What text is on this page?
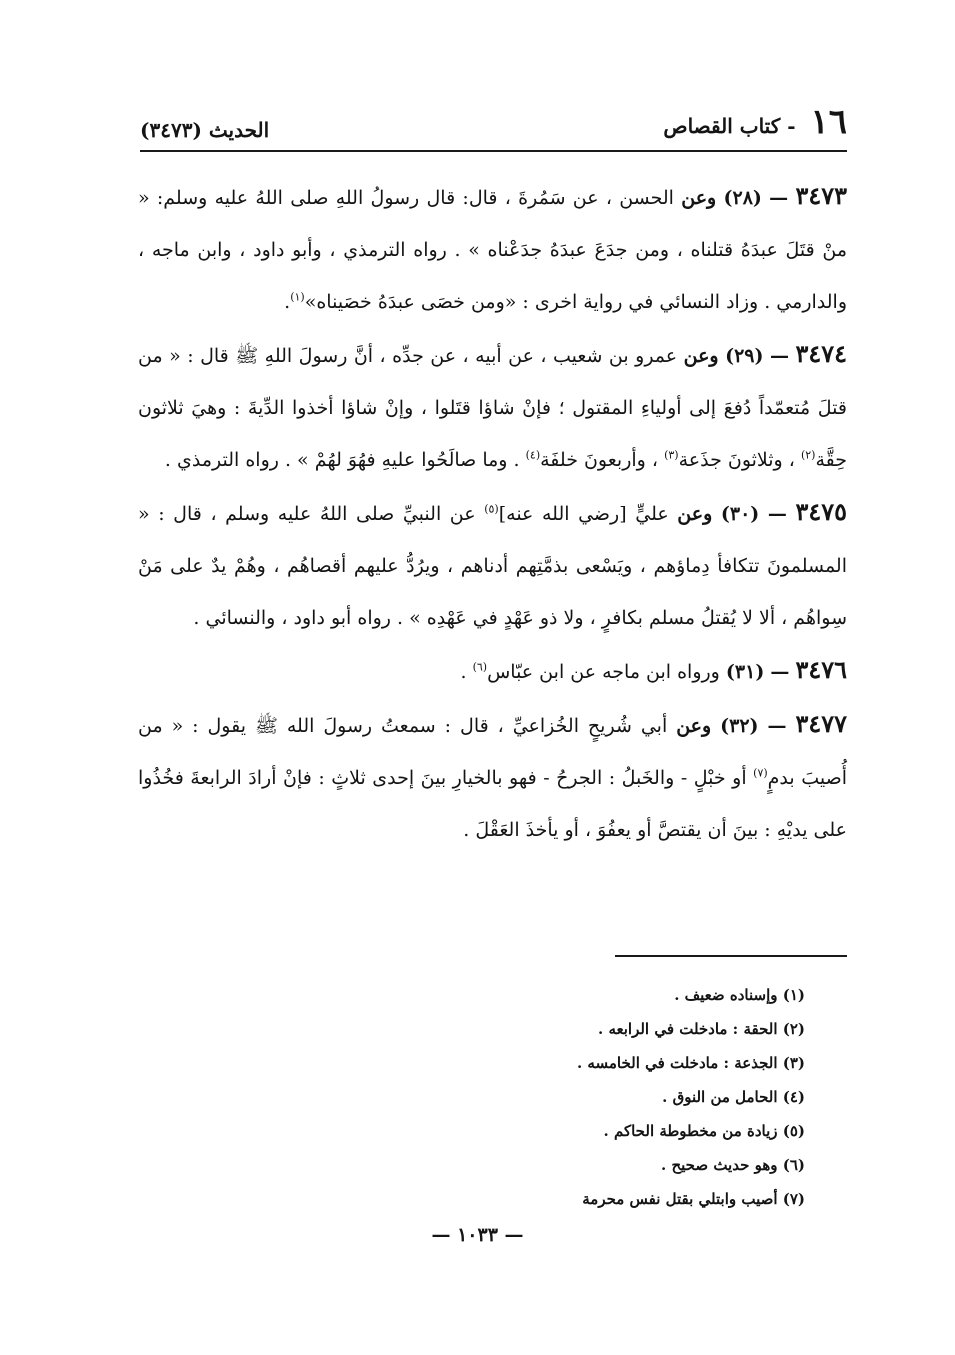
١٦ - كتاب القصاص
الحديث (٣٤٧٣)

٣٤٧٣ — (٢٨) وعن الحسن ، عن سَمُرةَ ، قال: قال رسولُ اللهِ صلى اللهُ عليه وسلم: « منْ قتَلَ عبدَهُ قتلناه ، ومن جدَعَ عبدَهُ جدَعْناه » . رواه الترمذي ، وأبو داود ، وابن ماجه ، والدارمي . وزاد النسائي في رواية اخرى : «ومن خصَى عبدَهُ خصَيناه»$^{(١)}$.

٣٤٧٤ — (٢٩) وعن عمرو بن شعيب ، عن أبيه ، عن جدِّه ، أنَّ رسولَ اللهِ ﷺ قال : « من قتلَ مُتعمّداً دُفعَ إلى أولياءِ المقتول ؛ فإنْ شاؤا قتَلوا ، وإنْ شاؤا أخذوا الدِّيةَ : وهيَ ثلاثون حِقَّة$^{(٢)}$ ، وثلاثونَ جذَعة$^{(٣)}$ ، وأربعونَ خلفَة$^{(٤)}$ . وما صالَحُوا عليهِ فهُوَ لهُمْ » . رواه الترمذي .

٣٤٧٥ — (٣٠) وعن عليٍّ [رضي الله عنه]$^{(٥)}$ عن النبيِّ صلى اللهُ عليه وسلم ، قال : « المسلمونَ تتكافأ دِماؤهم ، ويَسْعى بذمَّتِهم أدناهم ، ويرُدُّ عليهم أقصاهُم ، وهُمْ يدٌ على مَنْ سِواهُم ، ألا لا يُقتلُ مسلم بكافرٍ ، ولا ذو عَهْدٍ في عَهْدِه » . رواه أبو داود ، والنسائي .

٣٤٧٦ — (٣١) ورواه ابن ماجه عن ابن عبّاس$^{(٦)}$ .

٣٤٧٧ — (٣٢) وعن أبي شُريحٍ الخُزاعيِّ ، قال : سمعتُ رسولَ الله ﷺ يقول : « من أُصيبَ بدمٍ$^{(٧)}$ أو خبْلٍ - والخَبلُ : الجرحُ - فهو بالخيارِ بينَ إحدى ثلاثٍ : فإنْ أرادَ الرابعةَ فخُذُوا على يديْهِ : بينَ أن يقتصَّ أو يعفُوَ ، أو يأخذَ العَقْلَ .

(١) وإسناده ضعيف .
(٢) الحقة : مادخلت في الرابعه .
(٣) الجذعة : مادخلت في الخامسه .
(٤) الحامل من النوق .
(٥) زيادة من مخطوطة الحاكم .
(٦) وهو حديث صحيح .
(٧) أصيب وابتلي بقتل نفس محرمة
— ١٠٣٣ —
